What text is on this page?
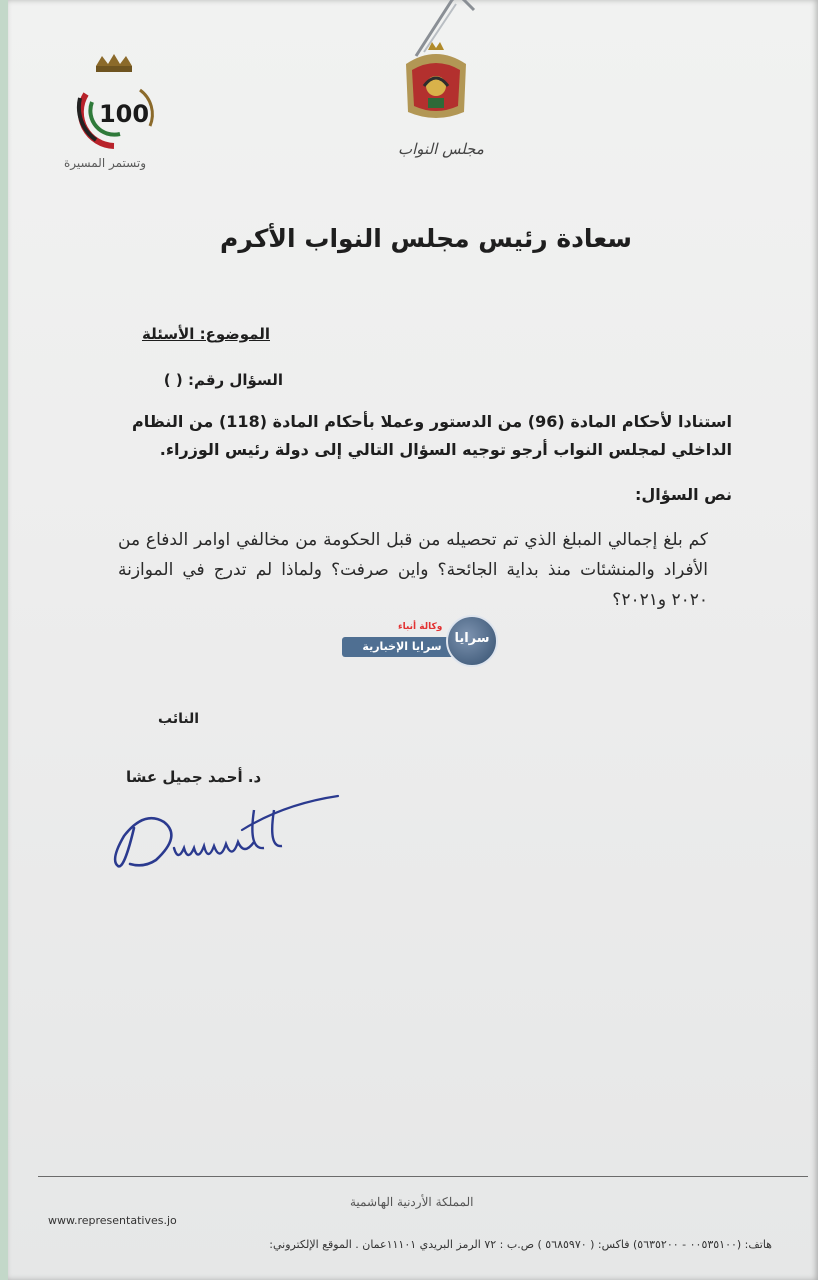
100
وتستمر المسيرة
مجلس النواب
سعادة رئيس مجلس النواب الأكرم
الموضوع: الأسئلة
السؤال رقم: ( )
استنادا لأحكام المادة (96) من الدستور وعملا بأحكام المادة (118) من النظام الداخلي لمجلس النواب أرجو توجيه السؤال التالي إلى دولة رئيس الوزراء.
نص السؤال:
كم بلغ إجمالي المبلغ الذي تم تحصيله من قبل الحكومة من مخالفي اوامر الدفاع من الأفراد والمنشئات منذ بداية الجائحة؟ واين صرفت؟ ولماذا لم تدرج في الموازنة ٢٠٢٠ و٢٠٢١؟
وكالة أنباء
سرايا الإخبارية
سرايا
النائب
د. أحمد جميل عشا
المملكة الأردنية الهاشمية
www.representatives.jo
هاتف: (٠٠٥٣٥١٠٠ - ٥٦٣٥٢٠٠) فاكس: ( ٥٦٨٥٩٧٠ ) ص.ب : ٧٢ الرمز البريدي ١١١٠١عمان . الموقع الإلكتروني:
